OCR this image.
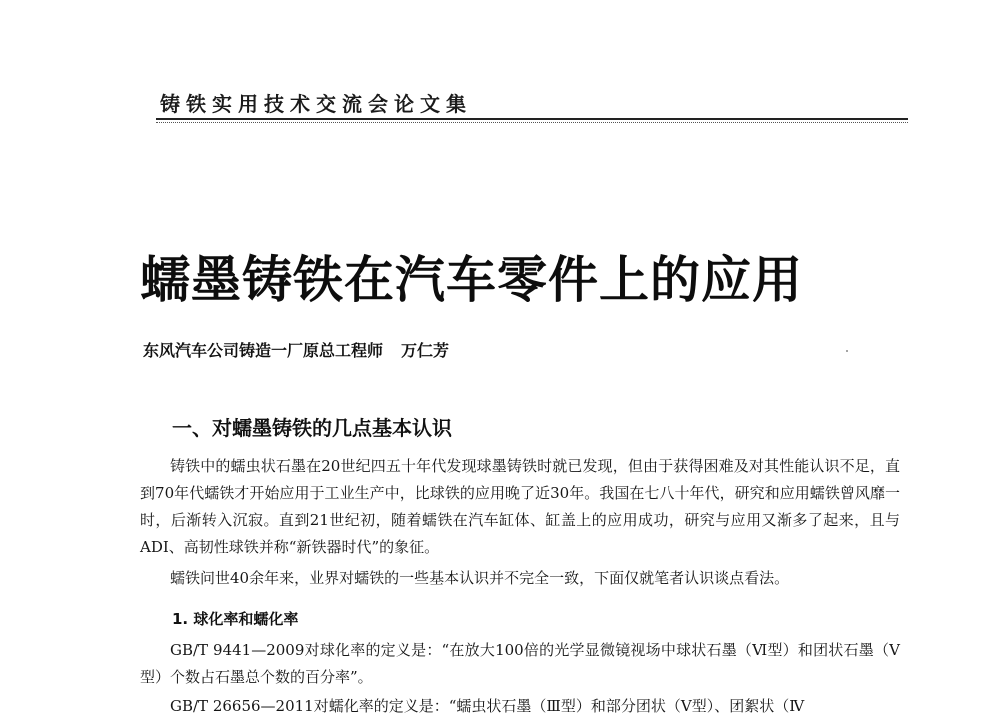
铸铁实用技术交流会论文集
蠕墨铸铁在汽车零件上的应用
东风汽车公司铸造一厂原总工程师 万仁芳
一、对蠕墨铸铁的几点基本认识

铸铁中的蠕虫状石墨在20世纪四五十年代发现球墨铸铁时就已发现，但由于获得困难及对其性能认识不足，直到70年代蠕铁才开始应用于工业生产中，比球铁的应用晚了近30年。我国在七八十年代，研究和应用蠕铁曾风靡一时，后渐转入沉寂。直到21世纪初，随着蠕铁在汽车缸体、缸盖上的应用成功，研究与应用又渐多了起来，且与ADI、高韧性球铁并称“新铁器时代”的象征。

蠕铁问世40余年来，业界对蠕铁的一些基本认识并不完全一致，下面仅就笔者认识谈点看法。

1. 球化率和蠕化率

GB/T 9441—2009对球化率的定义是：“在放大100倍的光学显微镜视场中球状石墨（Ⅵ型）和团状石墨（Ⅴ型）个数占石墨总个数的百分率”。

GB/T 26656—2011对蠕化率的定义是：“蠕虫状石墨（Ⅲ型）和部分团状（Ⅴ型）、团絮状（Ⅳ
